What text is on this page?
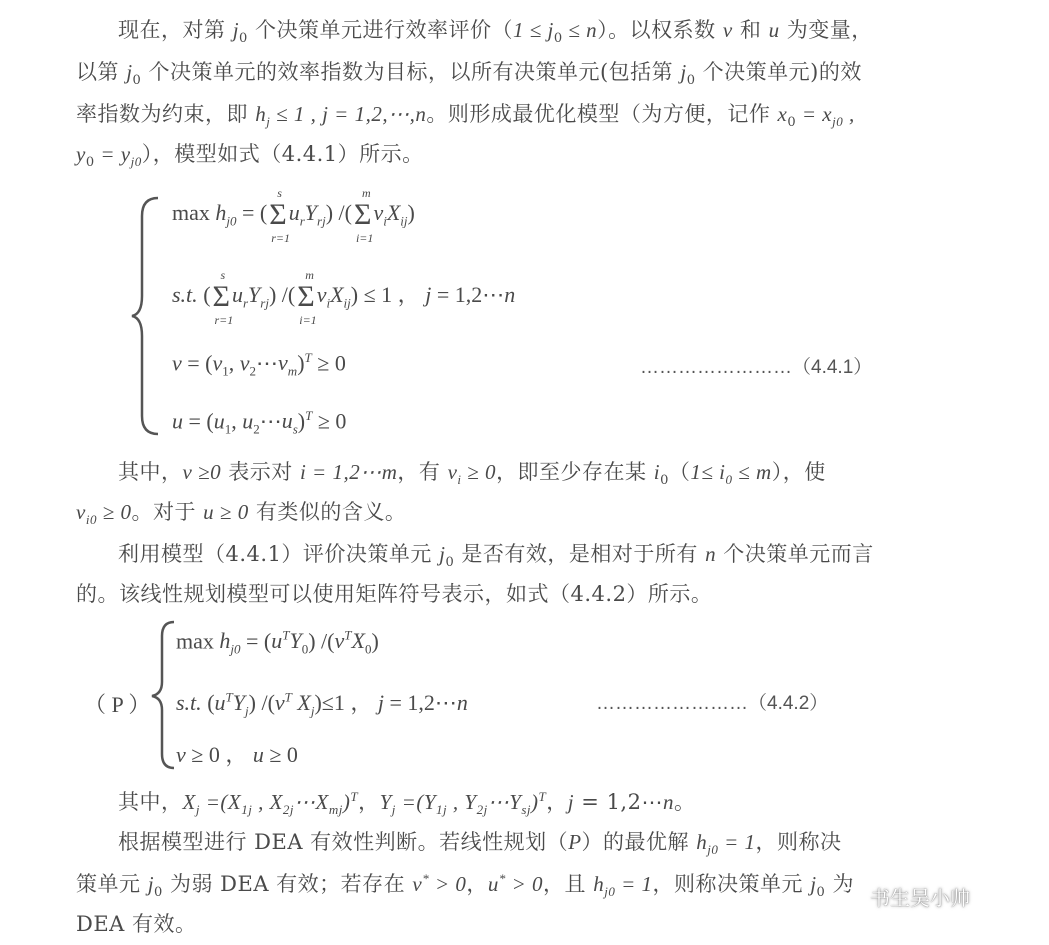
现在，对第 $j_0$ 个决策单元进行效率评价$(1 \le j_0 \le n)$。以权系数 v 和 u 为变量，
以第 $j_0$ 个决策单元的效率指数为目标，以所有决策单元(包括第 $j_0$ 个决策单元)的效
率指数为约束，即 $h_j \le 1$ , j = 1,2,⋯,n。则形成最优化模型（为方便，记作 $x_0 = x_{j0}$ ,
$y_0 = y_{j0}$），模型如式（4.4.1）所示。
$\max h_{j0} = (\Sigma$
s
r=1
$u_rY_{rj}$) /(Σ
m
i=1
$v_iX_{ij}$)
s.t. (Σ
s
r=1
$u_rY_{rj}$) /(Σ
m
i=1
$v_iX_{ij}) \le 1$ ， j = 1,2⋯n
$v = (v_1$, $v_2\cdots v_m)^T \ge 0$	……………………（4.4.1）
$u = (u_1$, $u_2\cdots u_s)^T \ge 0$
其中，v ≥0 表示对 i = 1,2⋯m，有 $v_i \ge 0$，即至少存在某 $i_0(1\le i_0 \le m)$，使
$v_{i0} \ge 0$。对于 u ≥ 0 有类似的含义。
利用模型（4.4.1）评价决策单元 $j_0$ 是否有效，是相对于所有 n 个决策单元而言
的。该线性规划模型可以使用矩阵符号表示，如式（4.4.2）所示。
（ P ）
$\max h_{j0} = (u^TY_0)$ $/(v^TX_0)$
s.t. $(u^TY_j)$ $/(v^T$ $X_j)\le 1$ ， j = 1,2⋯n	……………………（4.4.2）
v ≥ 0 ， u ≥ 0
其中，$X_j =(X_{1j}$ , $X_{2j}\cdots X_{mj})^T$，$Y_j =(Y_{1j}$ , $Y_{2j}\cdots Y_{sj})^T$，j = 1,2⋯n。
根据模型进行 DEA 有效性判断。若线性规划（P）的最优解 $h_{j0} = 1$，则称决
策单元 $j_0$ 为弱 DEA 有效；若存在 v* > 0，u* > 0，且 $h_{j0} = 1$，则称决策单元 $j_0$ 为
DEA 有效。
书生吴小帅
